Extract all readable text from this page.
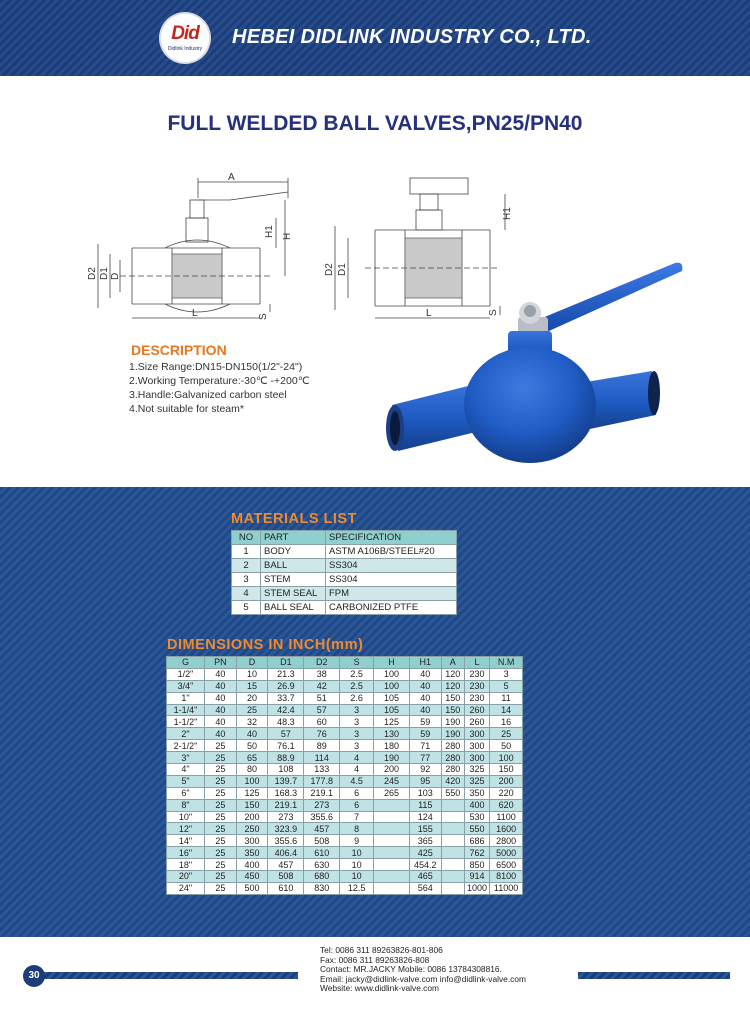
Did
Didlink Industry
HEBEI DIDLINK INDUSTRY CO., LTD.
FULL WELDED BALL VALVES,PN25/PN40
A
H1 H
D2 D1 D
L	S
H1
D2 D1
L	S
DESCRIPTION
1.Size Range:DN15-DN150(1/2"-24")
2.Working Temperature:-30℃ -+200℃
3.Handle:Galvanized carbon steel
4.Not suitable for steam*
MATERIALS LIST
NO	PART	SPECIFICATION
1	BODY	ASTM A106B/STEEL#20
2	BALL	SS304
3	STEM	SS304
4	STEM SEAL	FPM
5	BALL SEAL	CARBONIZED PTFE
DIMENSIONS IN INCH(mm)
G	PN	D	D1	D2	S	H	H1	A	L	N.M
1/2"	40	10	21.3	38	2.5	100	40	120	230	3
3/4"	40	15	26.9	42	2.5	100	40	120	230	5
1"	40	20	33.7	51	2.6	105	40	150	230	11
1-1/4"	40	25	42.4	57	3	105	40	150	260	14
1-1/2"	40	32	48.3	60	3	125	59	190	260	16
2"	40	40	57	76	3	130	59	190	300	25
2-1/2"	25	50	76.1	89	3	180	71	280	300	50
3"	25	65	88.9	114	4	190	77	280	300	100
4"	25	80	108	133	4	200	92	280	325	150
5"	25	100	139.7	177.8	4.5	245	95	420	325	200
6"	25	125	168.3	219.1	6	265	103	550	350	220
8"	25	150	219.1	273	6		115		400	620
10"	25	200	273	355.6	7		124		530	1100
12"	25	250	323.9	457	8		155		550	1600
14"	25	300	355.6	508	9		365		686	2800
16"	25	350	406.4	610	10		425		762	5000
18"	25	400	457	630	10		454.2		850	6500
20"	25	450	508	680	10		465		914	8100
24"	25	500	610	830	12.5		564		1000	11000
30
Tel: 0086 311 89263826-801-806
Fax: 0086 311 89263826-808
Contact: MR.JACKY Mobile: 0086 13784308816.
Email: jacky@didlink-valve.com info@didlink-valve.com
Website: www.didlink-valve.com
